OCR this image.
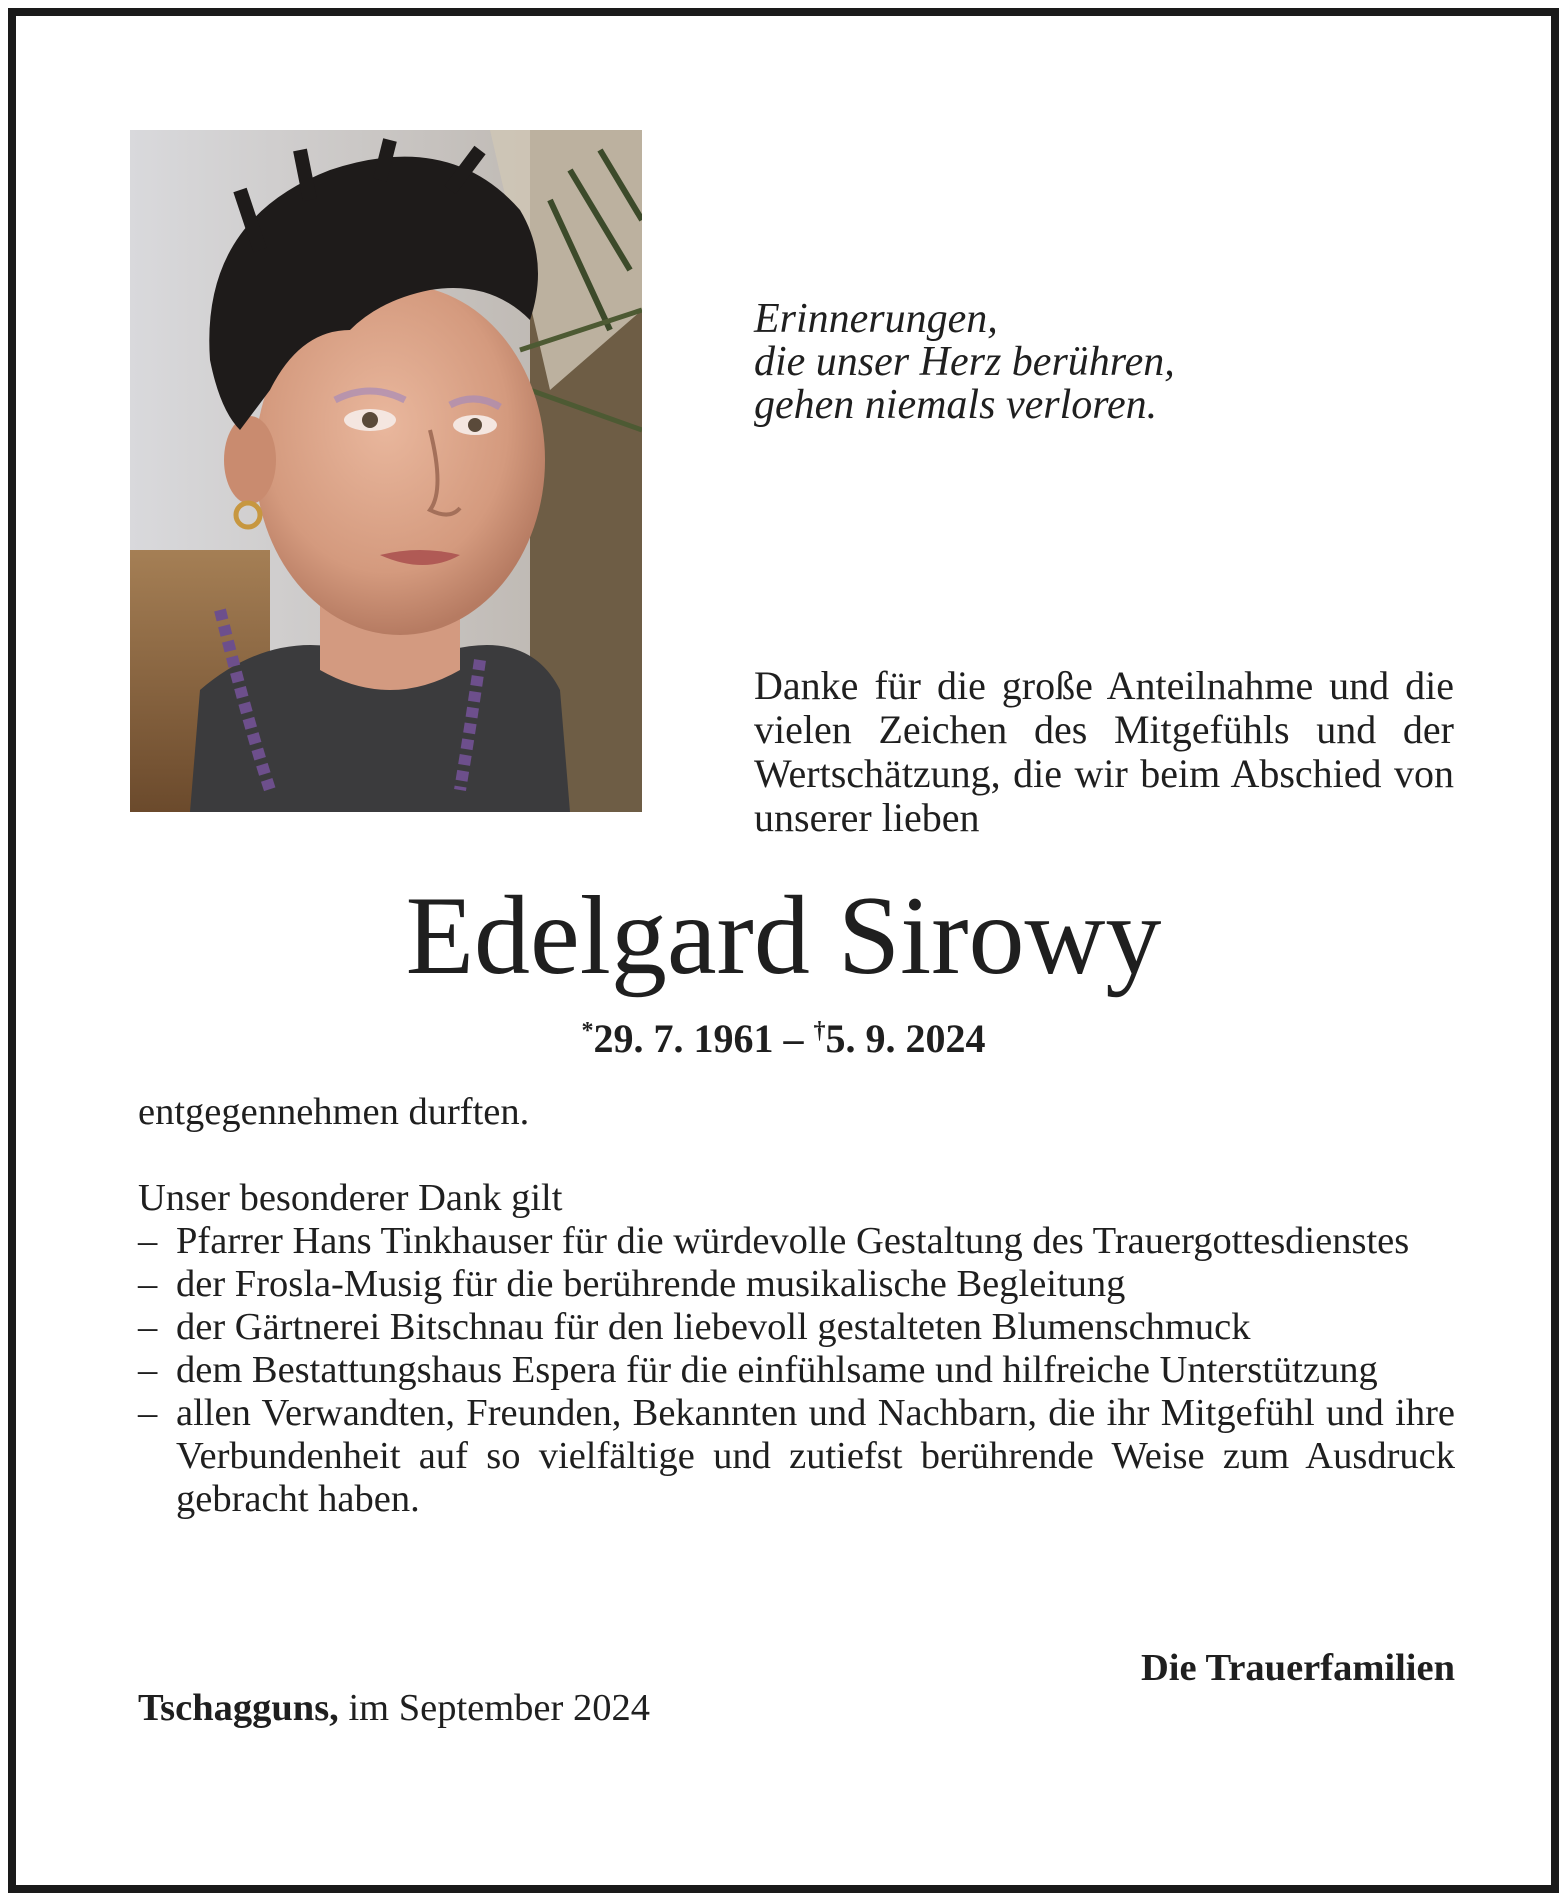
Erinnerungen,
die unser Herz berühren,
gehen niemals verloren.

Danke für die große Anteilnahme und die vielen Zeichen des Mitgefühls und der Wertschätzung, die wir beim Abschied von unserer lieben

Edelgard Sirowy
*29. 7. 1961 – †5. 9. 2024

entgegennehmen durften.

Unser besonderer Dank gilt

– Pfarrer Hans Tinkhauser für die würdevolle Gestaltung des Trauergottesdienstes
– der Frosla-Musig für die berührende musikalische Begleitung
– der Gärtnerei Bitschnau für den liebevoll gestalteten Blumenschmuck
– dem Bestattungshaus Espera für die einfühlsame und hilfreiche Unterstützung
– allen Verwandten, Freunden, Bekannten und Nachbarn, die ihr Mitgefühl und ihre Verbundenheit auf so vielfältige und zutiefst berührende Weise zum Ausdruck gebracht haben.
Die Trauerfamilien
Tschagguns, im September 2024
